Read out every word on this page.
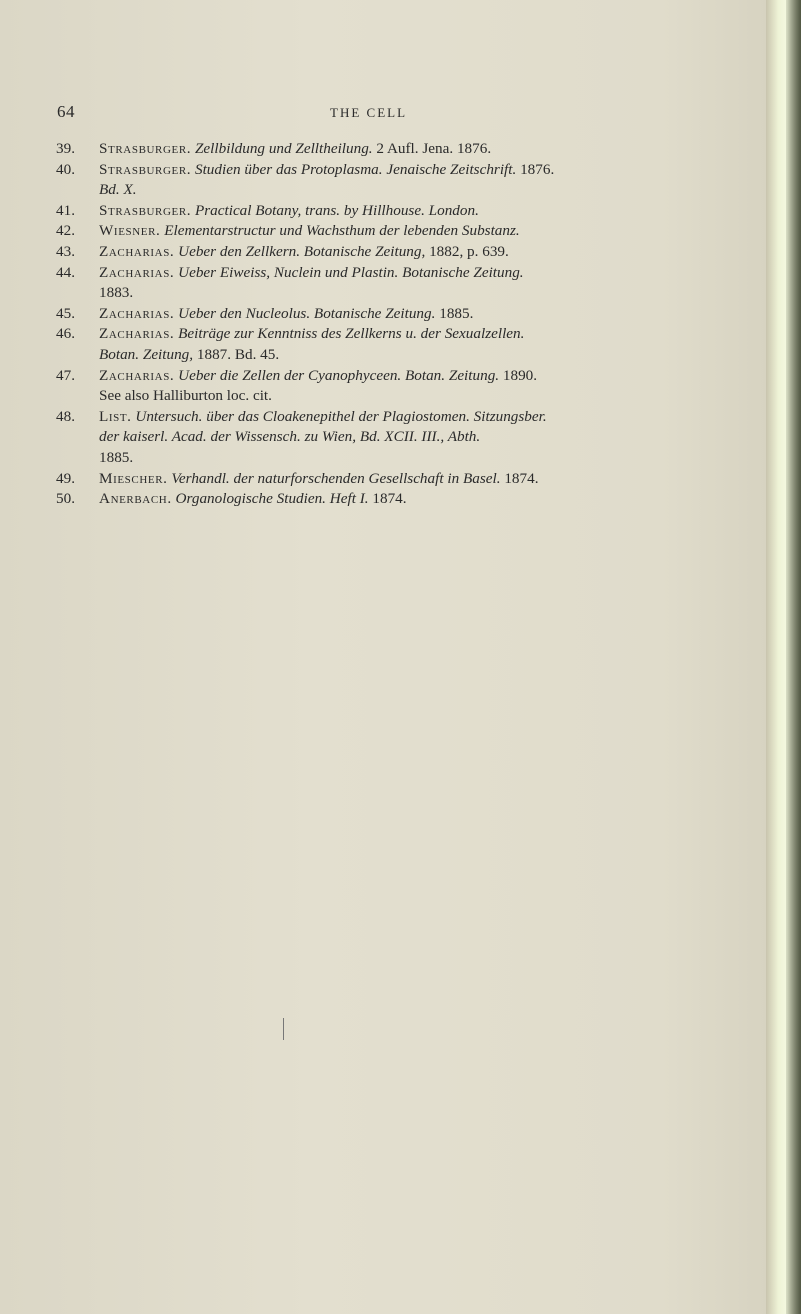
64	THE CELL
39. Strasburger. Zellbildung und Zelltheilung. 2 Aufl. Jena. 1876.
40. Strasburger. Studien über das Protoplasma. Jenaische Zeitschrift. 1876.
Bd. X.
41. Strasburger. Practical Botany, trans. by Hillhouse. London.
42. Wiesner. Elementarstructur und Wachsthum der lebenden Substanz.
43. Zacharias. Ueber den Zellkern. Botanische Zeitung, 1882, p. 639.
44. Zacharias. Ueber Eiweiss, Nuclein und Plastin. Botanische Zeitung.
1883.
45. Zacharias. Ueber den Nucleolus. Botanische Zeitung. 1885.
46. Zacharias. Beiträge zur Kenntniss des Zellkerns u. der Sexualzellen.
Botan. Zeitung, 1887. Bd. 45.
47. Zacharias. Ueber die Zellen der Cyanophyceen. Botan. Zeitung. 1890.
See also Halliburton loc. cit.
48. List. Untersuch. über das Cloakenepithel der Plagiostomen. Sitzungsber.
der kaiserl. Acad. der Wissensch. zu Wien, Bd. XCII. III., Abth.
1885.
49. Miescher. Verhandl. der naturforschenden Gesellschaft in Basel. 1874.
50. Anerbach. Organologische Studien. Heft I. 1874.
